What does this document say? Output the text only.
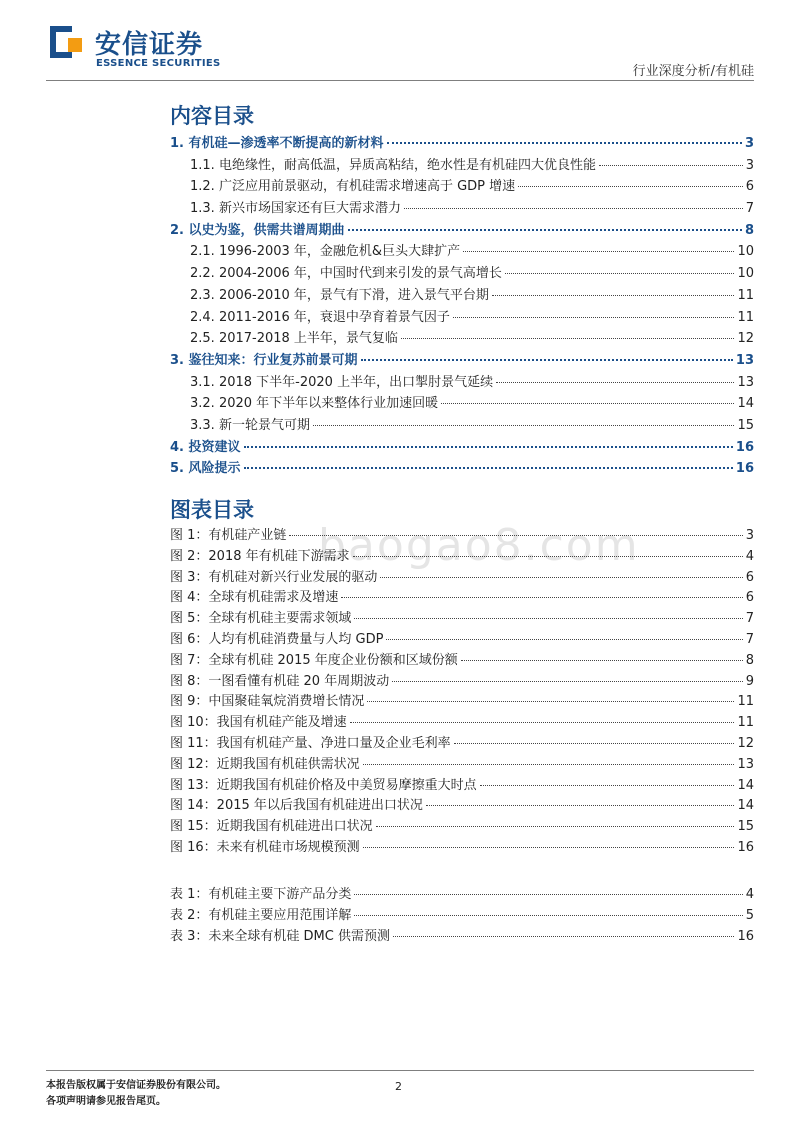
安信证券
ESSENCE SECURITIES
行业深度分析/有机硅
baogao8.com
内容目录
1. 有机硅—渗透率不断提高的新材料	3
1.1. 电绝缘性，耐高低温，异质高粘结，绝水性是有机硅四大优良性能	3
1.2. 广泛应用前景驱动，有机硅需求增速高于 GDP 增速	6
1.3. 新兴市场国家还有巨大需求潜力	7
2. 以史为鉴，供需共谱周期曲	8
2.1. 1996-2003 年，金融危机&巨头大肆扩产	10
2.2. 2004-2006 年，中国时代到来引发的景气高增长	10
2.3. 2006-2010 年，景气有下滑，进入景气平台期	11
2.4. 2011-2016 年，衰退中孕育着景气因子	11
2.5. 2017-2018 上半年，景气复临	12
3. 鉴往知来：行业复苏前景可期	13
3.1. 2018 下半年-2020 上半年，出口掣肘景气延续	13
3.2. 2020 年下半年以来整体行业加速回暖	14
3.3. 新一轮景气可期	15
4. 投资建议	16
5. 风险提示	16
图表目录
图 1：有机硅产业链	3
图 2：2018 年有机硅下游需求	4
图 3：有机硅对新兴行业发展的驱动	6
图 4：全球有机硅需求及增速	6
图 5：全球有机硅主要需求领域	7
图 6：人均有机硅消费量与人均 GDP	7
图 7：全球有机硅 2015 年度企业份额和区域份额	8
图 8：一图看懂有机硅 20 年周期波动	9
图 9：中国聚硅氧烷消费增长情况	11
图 10：我国有机硅产能及增速	11
图 11：我国有机硅产量、净进口量及企业毛利率	12
图 12：近期我国有机硅供需状况	13
图 13：近期我国有机硅价格及中美贸易摩擦重大时点	14
图 14：2015 年以后我国有机硅进出口状况	14
图 15：近期我国有机硅进出口状况	15
图 16：未来有机硅市场规模预测	16
表 1：有机硅主要下游产品分类	4
表 2：有机硅主要应用范围详解	5
表 3：未来全球有机硅 DMC 供需预测	16
本报告版权属于安信证券股份有限公司。
各项声明请参见报告尾页。
2
